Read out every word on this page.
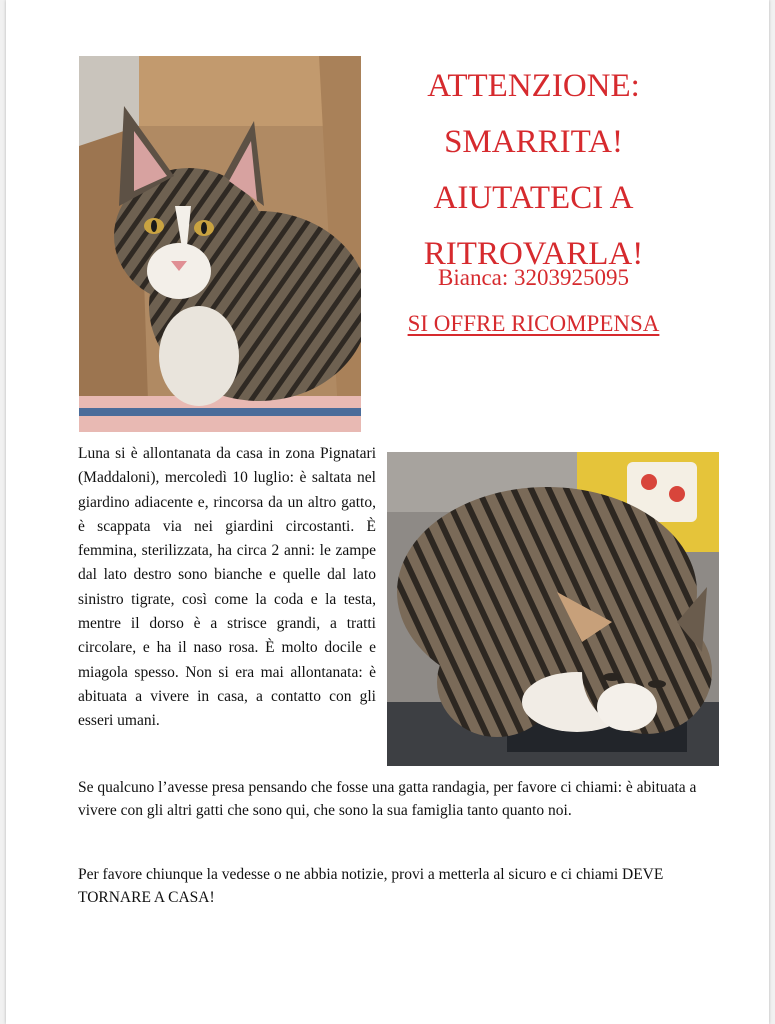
ATTENZIONE:
SMARRITA!
AIUTATECI A
RITROVARLA!
Bianca: 3203925095
SI OFFRE RICOMPENSA

Luna si è allontanata da casa in zona Pignatari (Maddaloni), mercoledì 10 luglio: è saltata nel giardino adiacente e, rincorsa da un altro gatto, è scappata via nei giardini circostanti. È femmina, sterilizzata, ha circa 2 anni: le zampe dal lato destro sono bianche e quelle dal lato sinistro tigrate, così come la coda e la testa, mentre il dorso è a strisce grandi, a tratti circolare, e ha il naso rosa. È molto docile e miagola spesso. Non si era mai allontanata: è abituata a vivere in casa, a contatto con gli esseri umani.

Se qualcuno l’avesse presa pensando che fosse una gatta randagia, per favore ci chiami: è abituata a vivere con gli altri gatti che sono qui, che sono la sua famiglia tanto quanto noi.

Per favore chiunque la vedesse o ne abbia notizie, provi a metterla al sicuro e ci chiami DEVE TORNARE A CASA!
